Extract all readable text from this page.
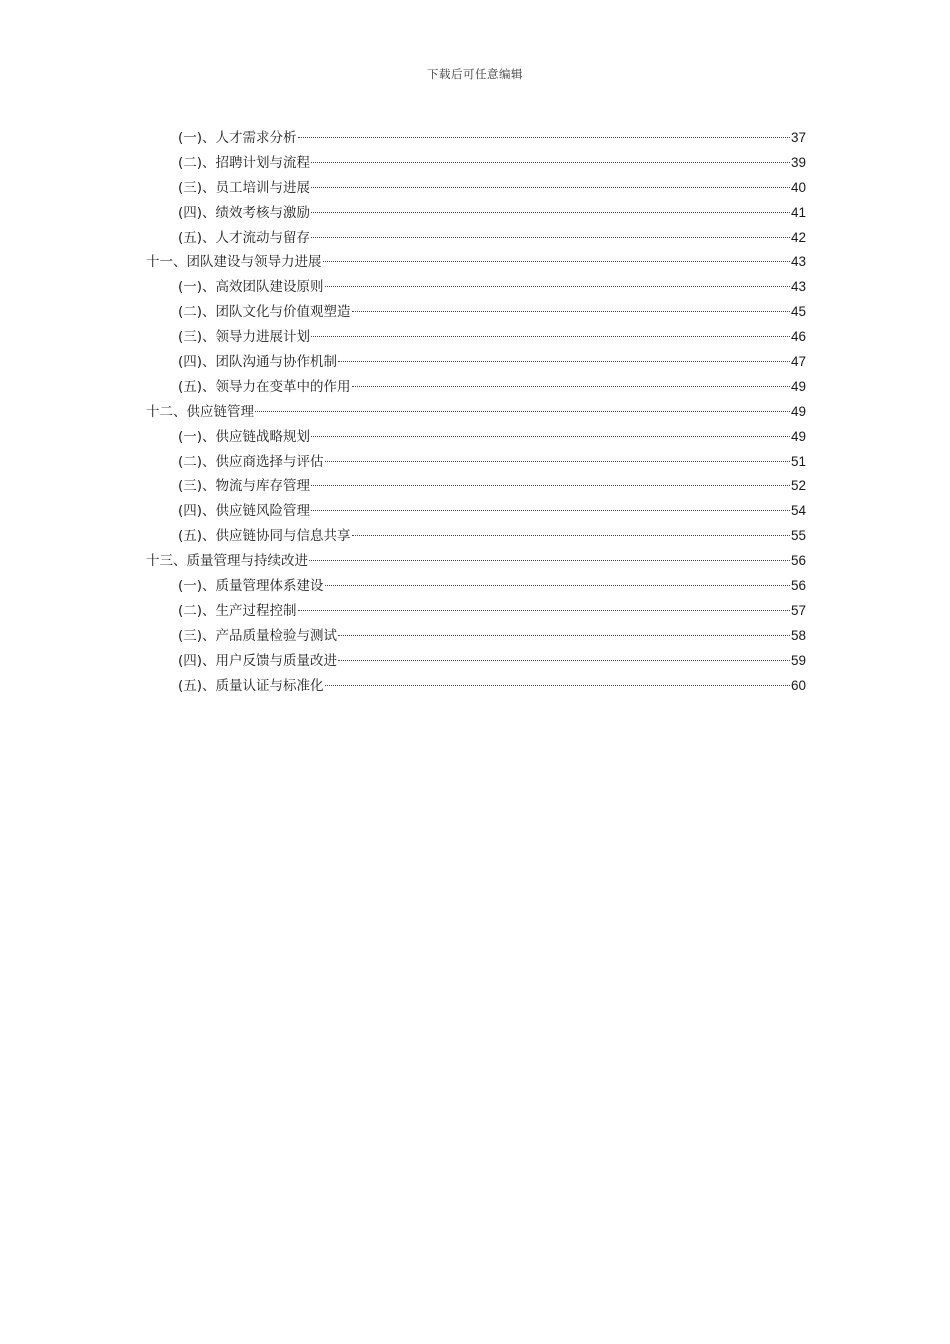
下载后可任意编辑
(一)、人才需求分析	37
(二)、招聘计划与流程	39
(三)、员工培训与进展	40
(四)、绩效考核与激励	41
(五)、人才流动与留存	42
十一、团队建设与领导力进展	43
(一)、高效团队建设原则	43
(二)、团队文化与价值观塑造	45
(三)、领导力进展计划	46
(四)、团队沟通与协作机制	47
(五)、领导力在变革中的作用	49
十二、供应链管理	49
(一)、供应链战略规划	49
(二)、供应商选择与评估	51
(三)、物流与库存管理	52
(四)、供应链风险管理	54
(五)、供应链协同与信息共享	55
十三、质量管理与持续改进	56
(一)、质量管理体系建设	56
(二)、生产过程控制	57
(三)、产品质量检验与测试	58
(四)、用户反馈与质量改进	59
(五)、质量认证与标准化	60
